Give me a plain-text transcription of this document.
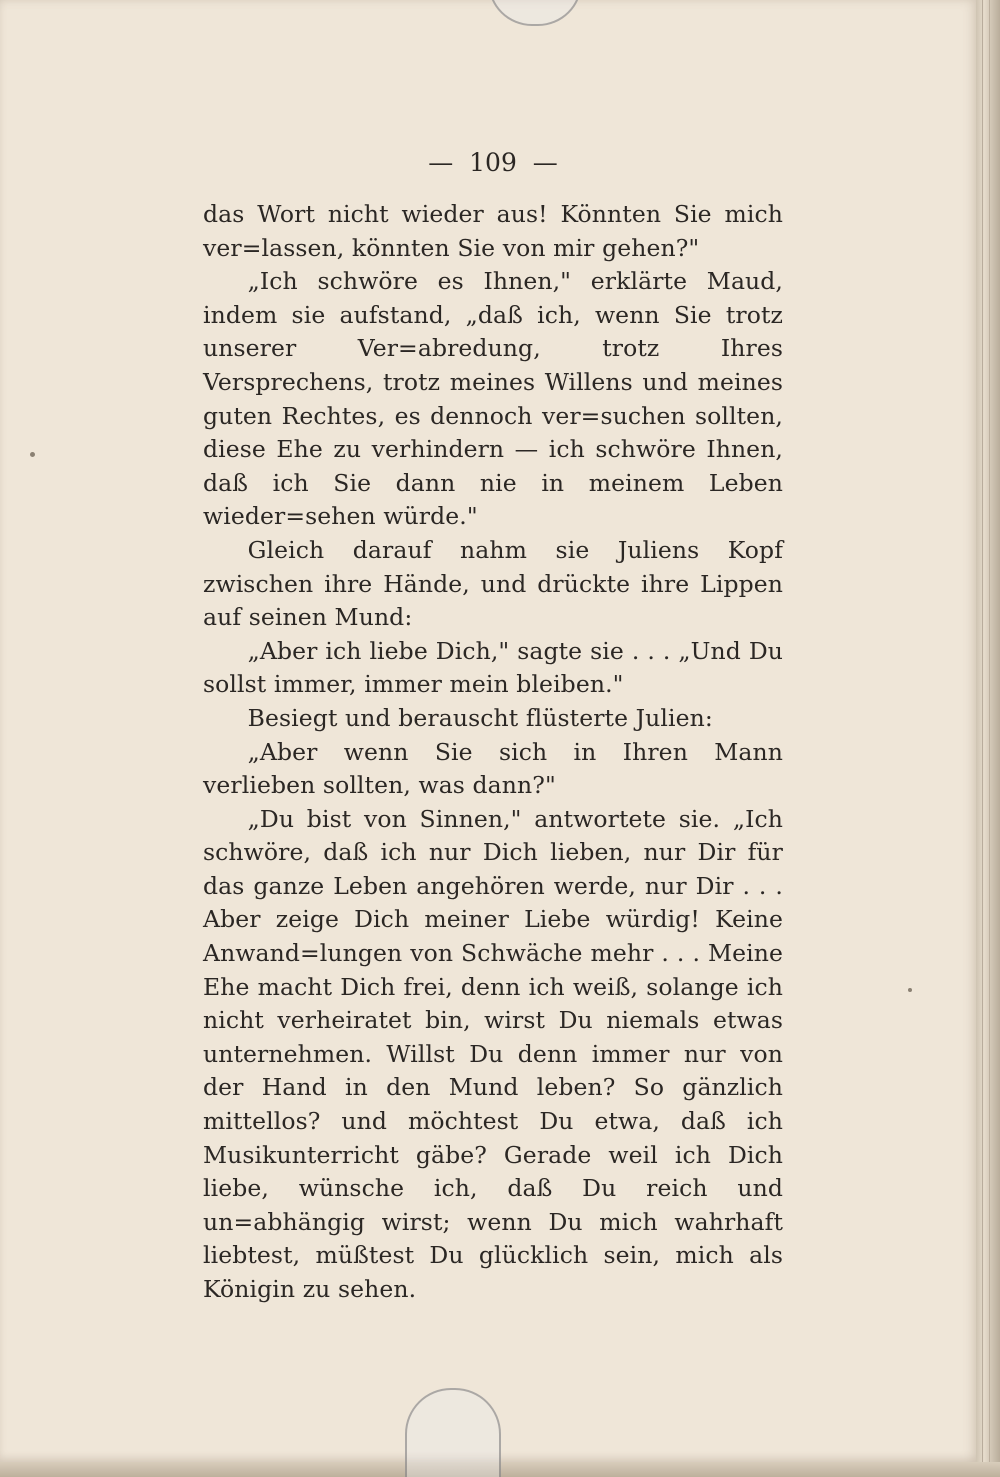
— 109 —

das Wort nicht wieder aus! Könnten Sie mich ver=lassen, könnten Sie von mir gehen?"

„Ich schwöre es Ihnen," erklärte Maud, indem sie aufstand, „daß ich, wenn Sie trotz unserer Ver=abredung, trotz Ihres Versprechens, trotz meines Willens und meines guten Rechtes, es dennoch ver=suchen sollten, diese Ehe zu verhindern — ich schwöre Ihnen, daß ich Sie dann nie in meinem Leben wieder=sehen würde."

Gleich darauf nahm sie Juliens Kopf zwischen ihre Hände, und drückte ihre Lippen auf seinen Mund:

„Aber ich liebe Dich," sagte sie . . . „Und Du sollst immer, immer mein bleiben."

Besiegt und berauscht flüsterte Julien:

„Aber wenn Sie sich in Ihren Mann verlieben sollten, was dann?"

„Du bist von Sinnen," antwortete sie. „Ich schwöre, daß ich nur Dich lieben, nur Dir für das ganze Leben angehören werde, nur Dir . . . Aber zeige Dich meiner Liebe würdig! Keine Anwand=lungen von Schwäche mehr . . . Meine Ehe macht Dich frei, denn ich weiß, solange ich nicht verheiratet bin, wirst Du niemals etwas unternehmen. Willst Du denn immer nur von der Hand in den Mund leben? So gänzlich mittellos? und möchtest Du etwa, daß ich Musikunterricht gäbe? Gerade weil ich Dich liebe, wünsche ich, daß Du reich und un=abhängig wirst; wenn Du mich wahrhaft liebtest, müßtest Du glücklich sein, mich als Königin zu sehen.
